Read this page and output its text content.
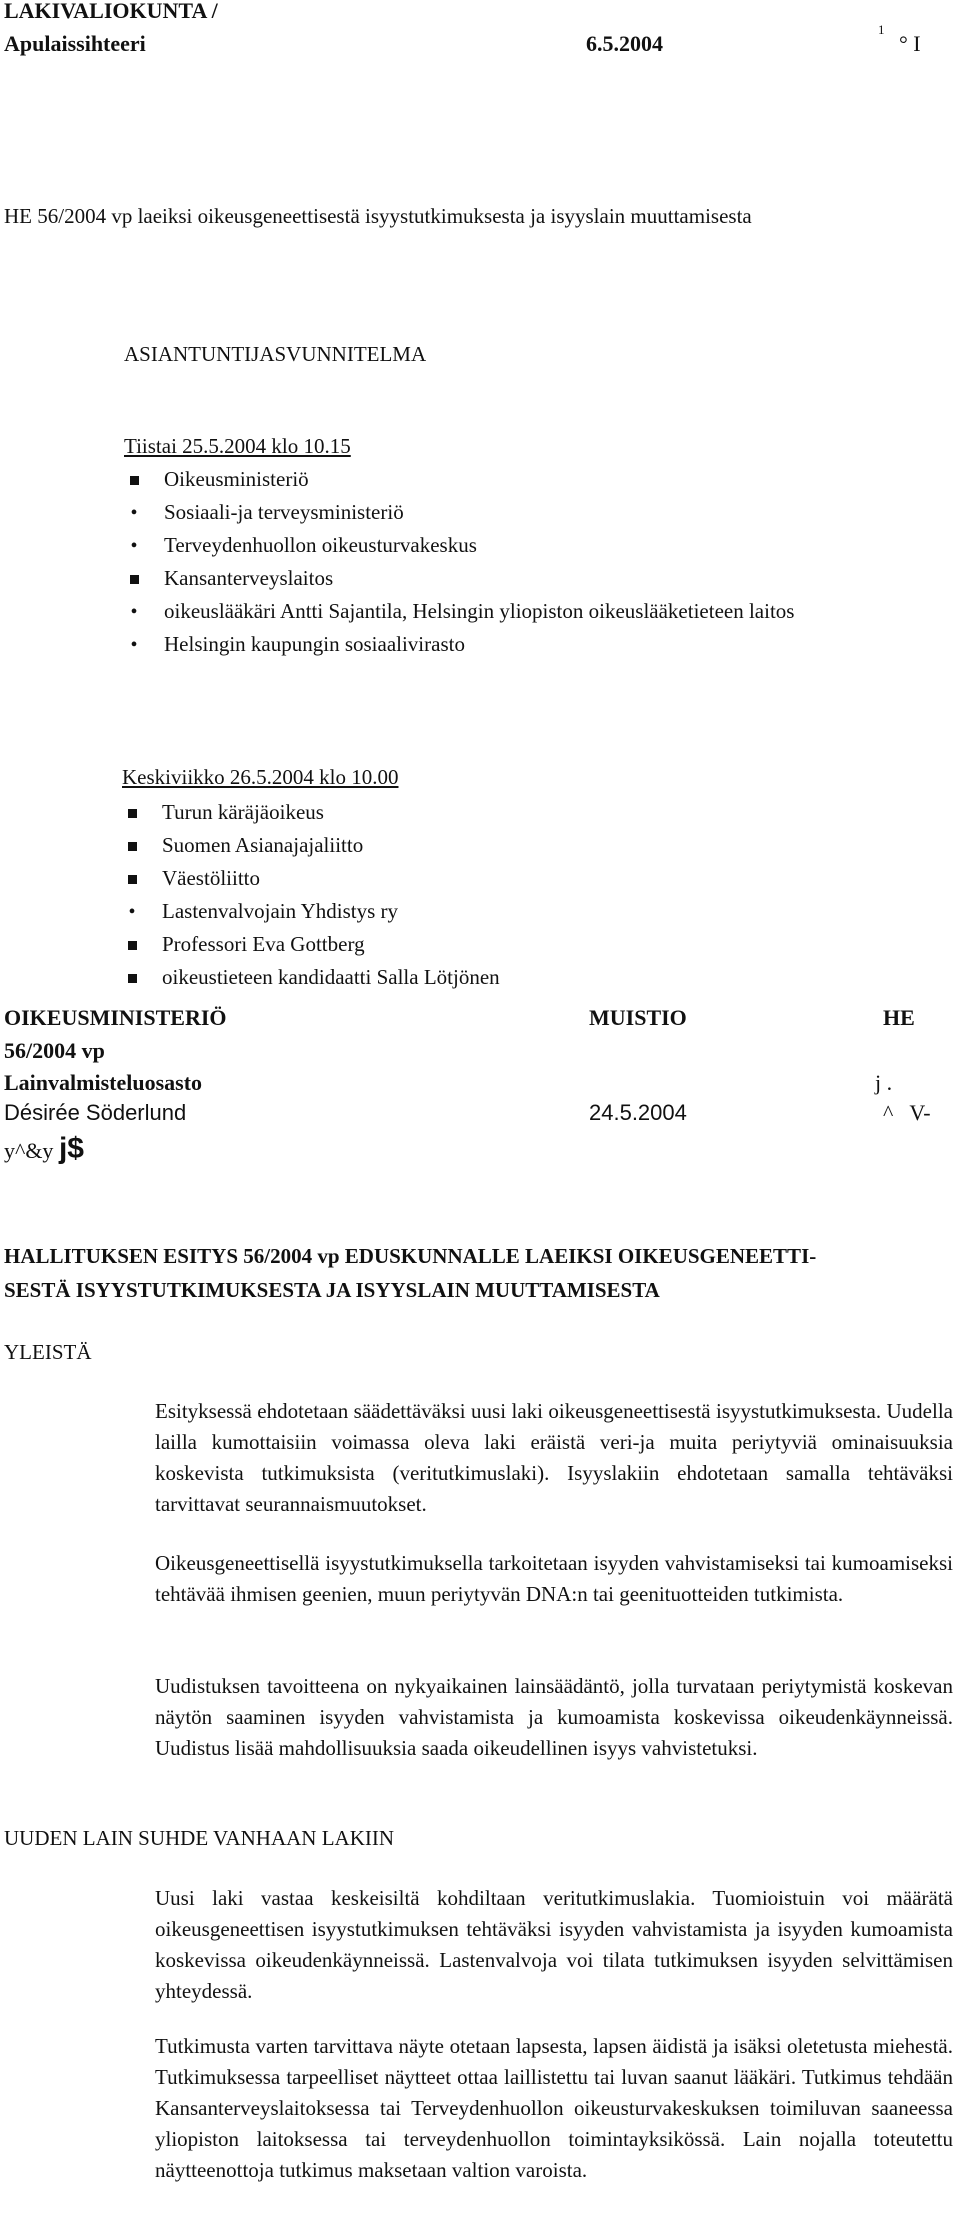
LAKIVALIOKUNTA /
Apulaissihteeri	6.5.2004
1
° I
HE 56/2004 vp laeiksi oikeusgeneettisestä isyystutkimuksesta ja isyyslain muuttamisesta
ASIANTUNTIJASVUNNITELMA
Tiistai 25.5.2004 klo 10.15
Oikeusministeriö
•
Sosiaali-ja terveysministeriö
•
Terveydenhuollon oikeusturvakeskus
Kansanterveyslaitos
•
oikeuslääkäri Antti Sajantila, Helsingin yliopiston oikeuslääketieteen laitos
•
Helsingin kaupungin sosiaalivirasto
Keskiviikko 26.5.2004 klo 10.00
Turun käräjäoikeus
Suomen Asianajajaliitto
Väestöliitto
•
Lastenvalvojain Yhdistys ry
Professori Eva Gottberg
oikeustieteen kandidaatti Salla Lötjönen
OIKEUSMINISTERIÖ	MUISTIO	HE
56/2004 vp
Lainvalmisteluosasto	j .
Désirée Söderlund	24.5.2004	^   V-
y^&y j$
HALLITUKSEN ESITYS 56/2004 vp EDUSKUNNALLE LAEIKSI OIKEUSGENEETTI-
SESTÄ ISYYSTUTKIMUKSESTA JA ISYYSLAIN MUUTTAMISESTA
YLEISTÄ
Esityksessä ehdotetaan säädettäväksi uusi laki oikeusgeneettisestä isyystutkimuksesta. Uudella lailla kumottaisiin voimassa oleva laki eräistä veri-ja muita periytyviä ominaisuuksia koskevista tutkimuksista (veritutkimuslaki). Isyyslakiin ehdotetaan samalla tehtäväksi tarvittavat seurannaismuutokset.
Oikeusgeneettisellä isyystutkimuksella tarkoitetaan isyyden vahvistamiseksi tai kumoamiseksi tehtävää ihmisen geenien, muun periytyvän DNA:n tai geenituotteiden tutkimista.
Uudistuksen tavoitteena on nykyaikainen lainsäädäntö, jolla turvataan periytymistä koskevan näytön saaminen isyyden vahvistamista ja kumoamista koskevissa oikeudenkäynneissä. Uudistus lisää mahdollisuuksia saada oikeudellinen isyys vahvistetuksi.
UUDEN LAIN SUHDE VANHAAN LAKIIN
Uusi laki vastaa keskeisiltä kohdiltaan veritutkimuslakia. Tuomioistuin voi määrätä oikeusgeneettisen isyystutkimuksen tehtäväksi isyyden vahvistamista ja isyyden kumoamista koskevissa oikeudenkäynneissä. Lastenvalvoja voi tilata tutkimuksen isyyden selvittämisen yhteydessä.
Tutkimusta varten tarvittava näyte otetaan lapsesta, lapsen äidistä ja isäksi oletetusta miehestä. Tutkimuksessa tarpeelliset näytteet ottaa laillistettu tai luvan saanut lääkäri. Tutkimus tehdään Kansanterveyslaitoksessa tai Terveydenhuollon oikeusturvakeskuksen toimiluvan saaneessa yliopiston laitoksessa tai terveydenhuollon toimintayksikössä. Lain nojalla toteutettu näytteenottoja tutkimus maksetaan valtion varoista.
